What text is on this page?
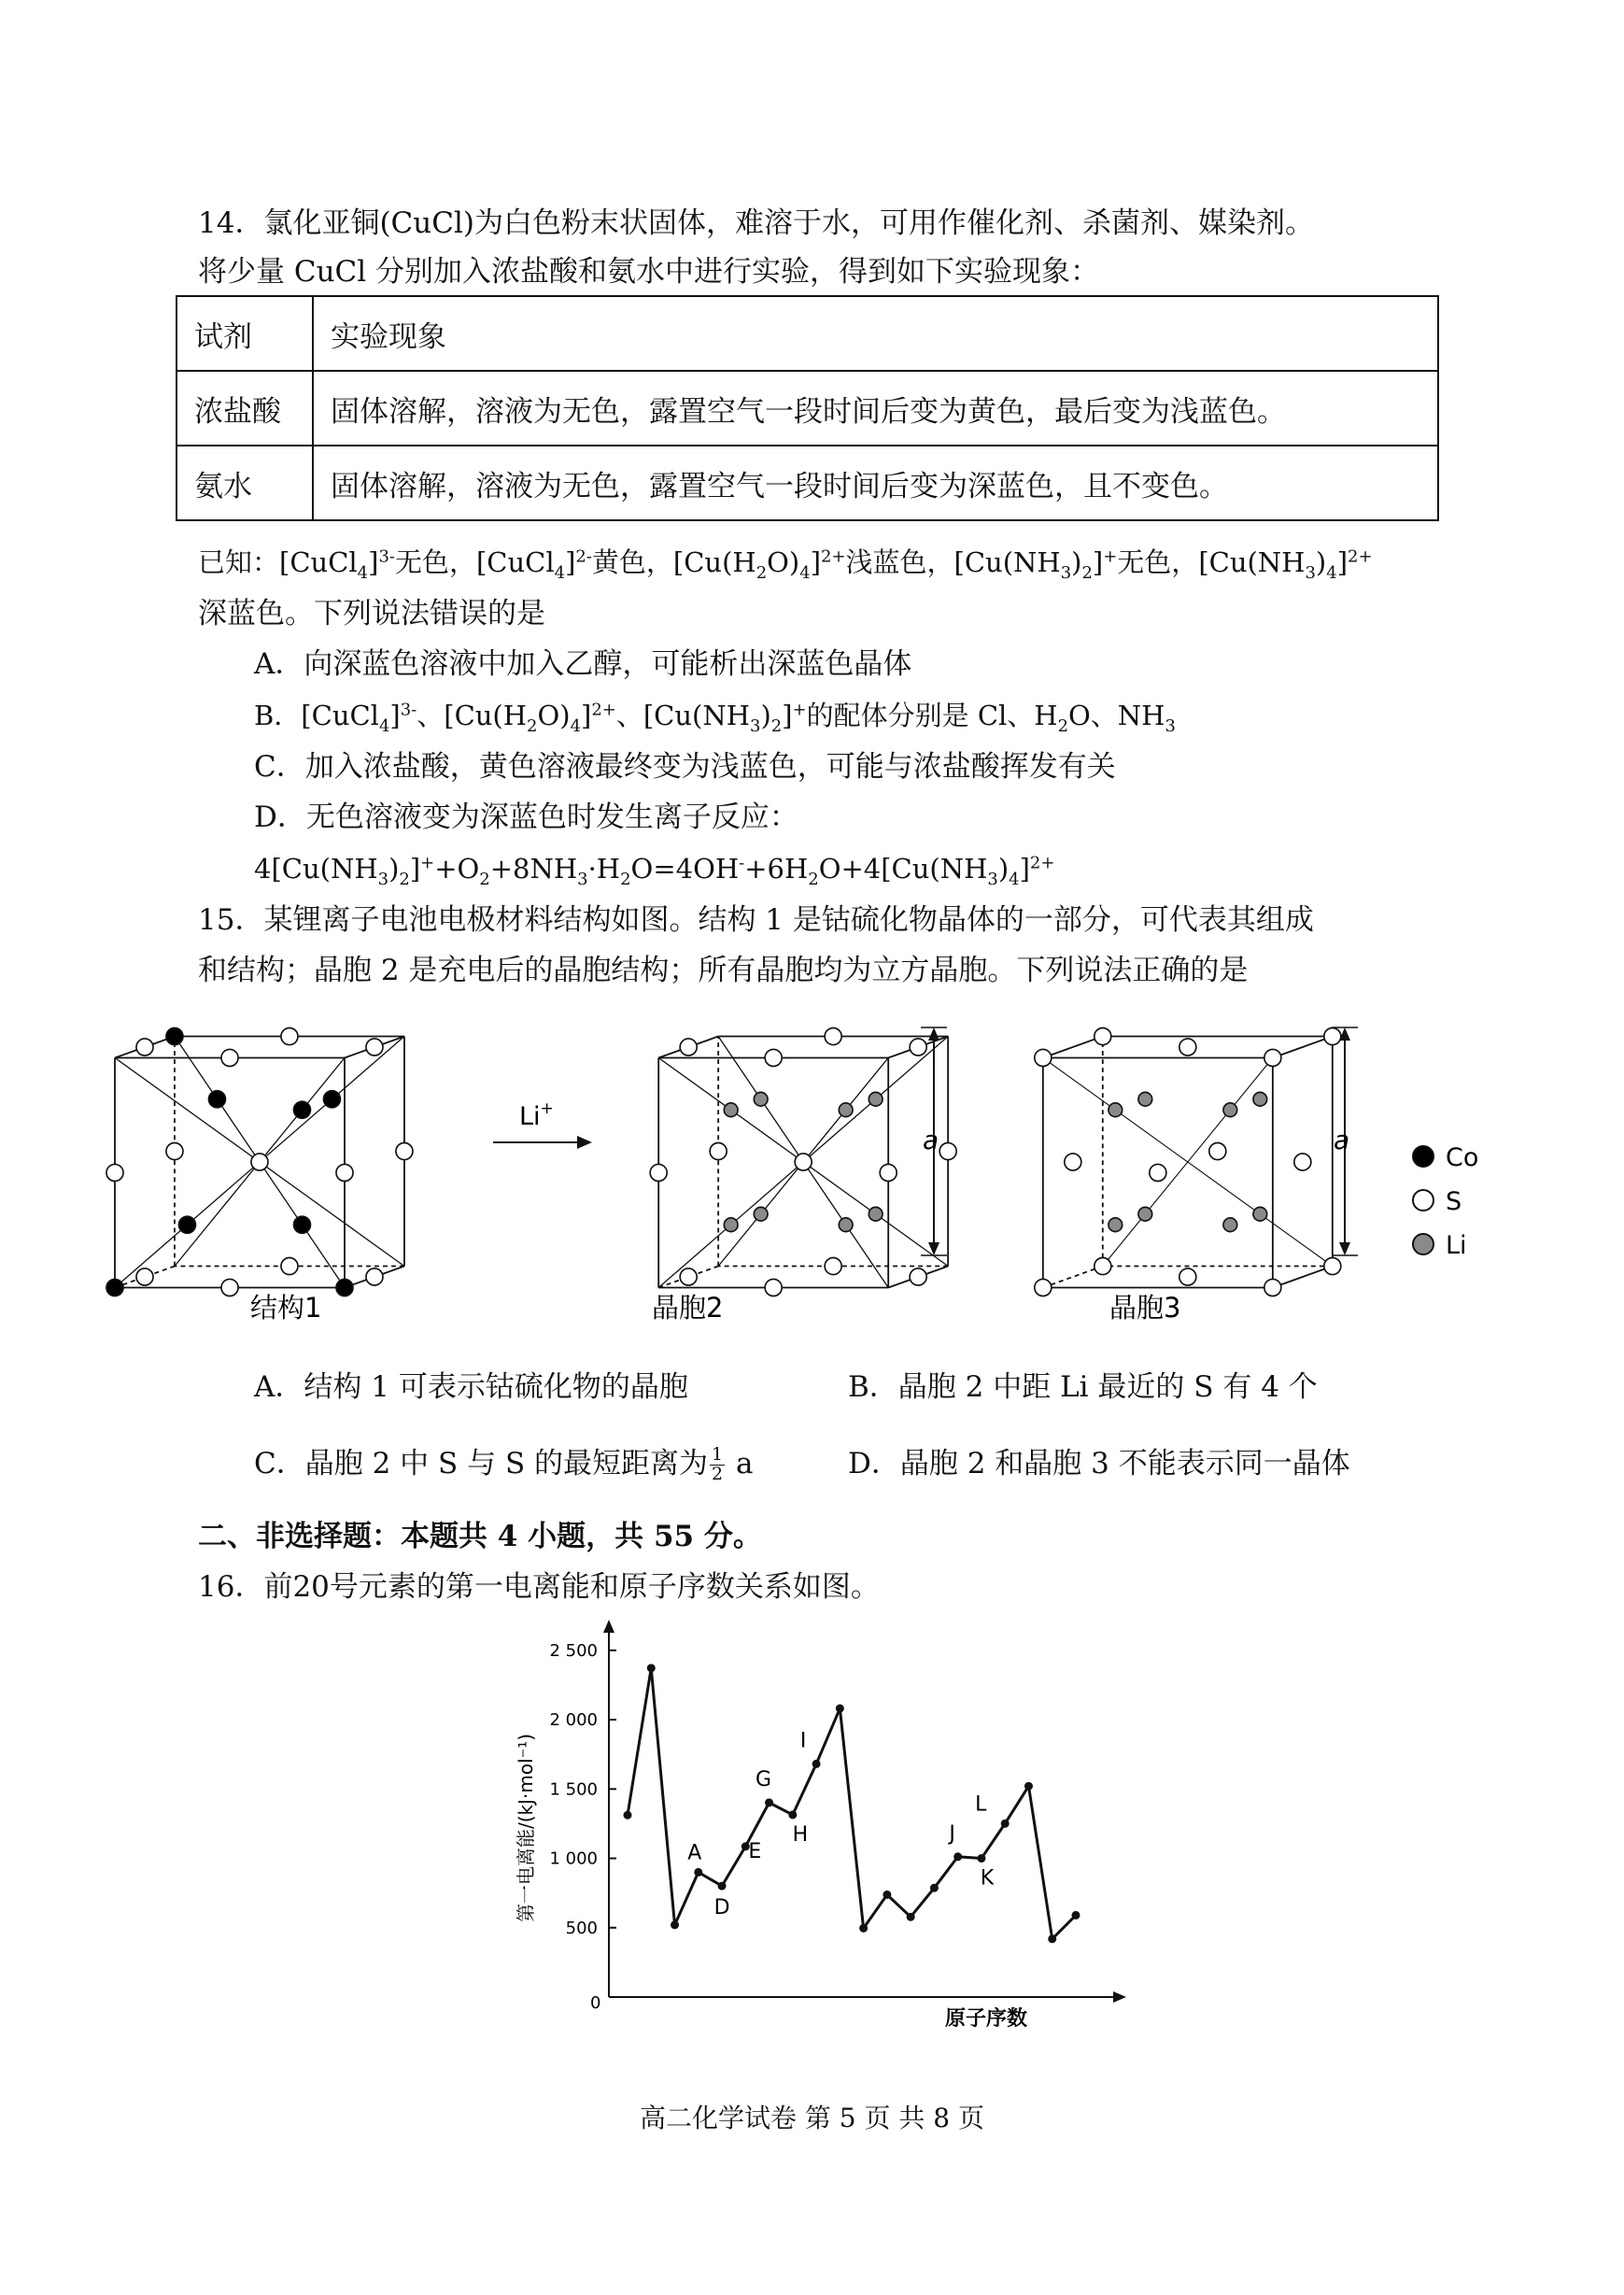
14．氯化亚铜(CuCl)为白色粉末状固体，难溶于水，可用作催化剂、杀菌剂、媒染剂。
将少量 CuCl 分别加入浓盐酸和氨水中进行实验，得到如下实验现象：
试剂	实验现象
浓盐酸	固体溶解，溶液为无色，露置空气一段时间后变为黄色，最后变为浅蓝色。
氨水	固体溶解，溶液为无色，露置空气一段时间后变为深蓝色，且不变色。
已知：[CuCl$_4$]$^{3-}$无色，[CuCl$_4$]$^{2-}$黄色，$[Cu(H_2O)_4]^{2+}$浅蓝色，$[Cu(NH_3)_2]^+$无色，$[Cu(NH_3)_4]^{2+}$
深蓝色。下列说法错误的是
A．向深蓝色溶液中加入乙醇，可能析出深蓝色晶体
B．[CuCl$_4$]$^{3-}$、$[Cu(H_2O)_4]^{2+}$、$[Cu(NH_3)_2]^+$的配体分别是 Cl、$H_2O$、$NH_3$
C．加入浓盐酸，黄色溶液最终变为浅蓝色，可能与浓盐酸挥发有关
D．无色溶液变为深蓝色时发生离子反应：
$4[Cu(NH_3)_2]^++O_2+8NH_3\cdot H_2O=4OH^-+6H_2O+4[Cu(NH_3)_4]^{2+}$
15．某锂离子电池电极材料结构如图。结构 1 是钴硫化物晶体的一部分，可代表其组成
和结构；晶胞 2 是充电后的晶胞结构；所有晶胞均为立方晶胞。下列说法正确的是
Li+
a	a
Co
S
Li
结构1	晶胞2	晶胞3
A．结构 1 可表示钴硫化物的晶胞	B．晶胞 2 中距 Li 最近的 S 有 4 个
C．晶胞 2 中 S 与 S 的最短距离为 $\frac{1}{2}$ a	D．晶胞 2 和晶胞 3 不能表示同一晶体
二、非选择题：本题共 4 小题，共 55 分。
16．前20号元素的第一电离能和原子序数关系如图。
500
1 000
1 500
2 000
2 500
A
D
E
G
H
I
J
K
L
0
原子序数
第一电离能/(kJ·mol⁻¹)
高二化学试卷 第 5 页 共 8 页
